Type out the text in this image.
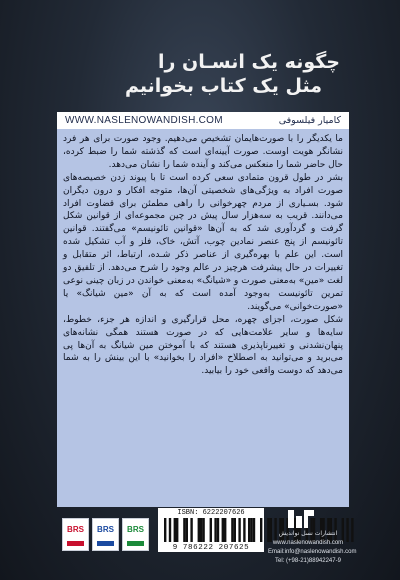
چگونه یک انسـان را
مثل یک کتاب بخوانیم
WWW.NASLENOWANDISH.COM	کامیار فیلسوفی

ما یکدیگر را با صورت‌هایمان تشخیص می‌دهیم. وجود صورت برای هر فرد نشانگر هویت اوست. صورت آیینه‌ای است که گذشته شما را ضبط کرده، حال حاضر شما را منعکس می‌کند و آینده شما را نشان می‌دهد.

بشر در طول قرون متمادی سعی کرده است تا با پیوند زدن خصیصه‌های صورت افراد به ویژگی‌های شخصیتی آن‌ها، متوجه افکار و درون دیگران شود. بسـیاری از مردم چهرخوانی را راهی مطمئن برای قضاوت افراد می‌دانند. قریب به سه‌هزار سال پیش در چین مجموعه‌ای از قوانین شکل گرفت و گردآوری شد که به آن‌ها «قوانین تائونیسم» می‌گفتند. قوانین تائونیسم از پنج عنصر نمادین چوب، آتش، خاک، فلز و آب تشکیل شده است. این علم با بهره‌گیری از عناصر ذکر شـده، ارتباط، اثر متقابل و تغییرات در حال پیشرفت هرچیز در عالم وجود را شرح می‌دهد. از تلفیق دو لغت «مین» به‌معنی صورت و «شیانگ» به‌معنی خواندن در زبان چینی نوعی تمرین تائونیست به‌وجود آمده است که به آن «مین شیانگ» یا «صورت‌خوانی» می‌گویند.

شکل صورت، اجزای چهره، محل قرارگیری و اندازه هر جزء، خطوط، سایه‌ها و سایر علامت‌هایی که در صورت هستند همگی نشانه‌های پنهان‌نشدنی و تغییرناپذیری هستند که با آموختن مین شیانگ به آن‌ها پی می‌برید و می‌توانید به اصطلاح «افراد را بخوانید» با این بینش را به شما می‌دهد که دوست واقعی خود را بیابید.

BRS	BRS	BRS
ISBN: 6222207626
9 786222 207625
انتشارات نسل نواندیش
www.naslenowandish.com
Email:info@naslenowandish.com
Tel: (+98-21)88942247-9
